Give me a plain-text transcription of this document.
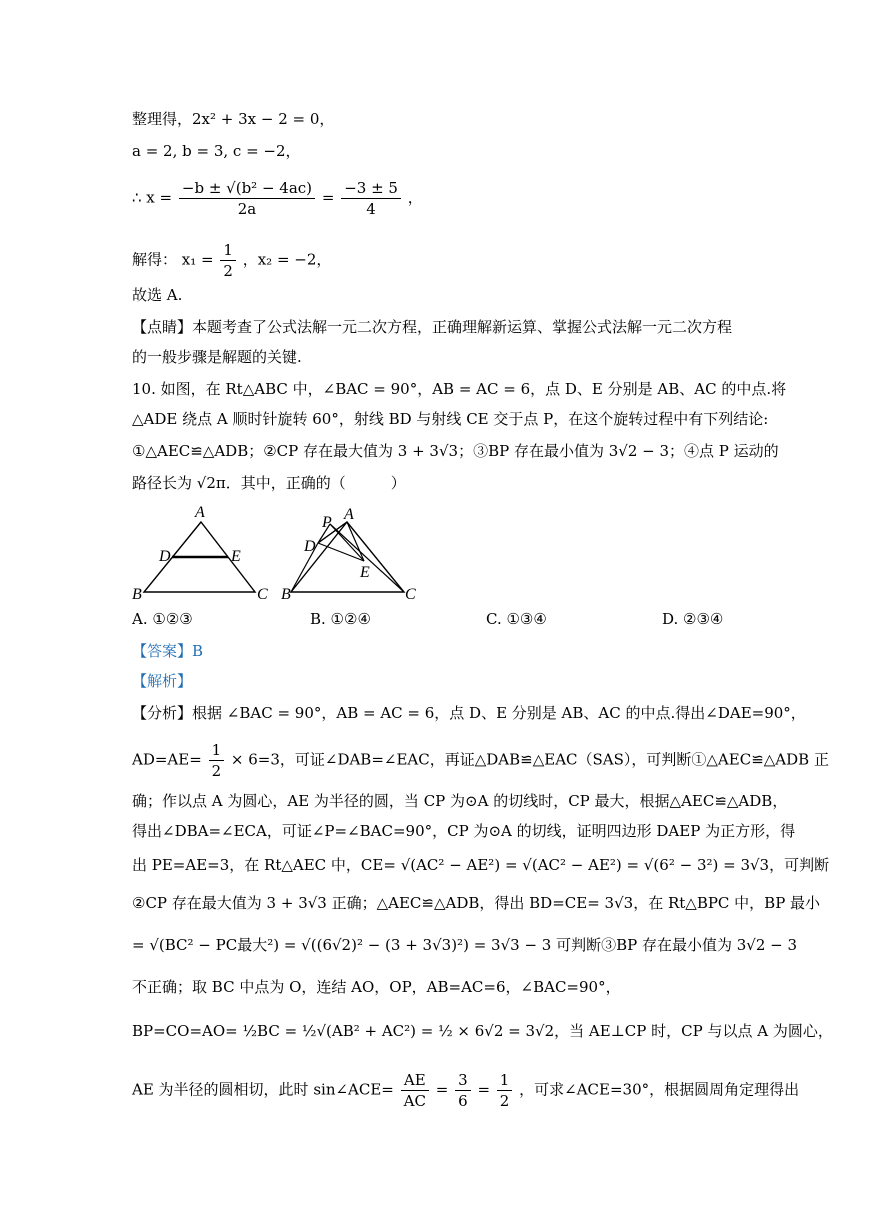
整理得，2x² + 3x − 2 = 0，
a = 2, b = 3, c = −2，
∴ $x = \frac{\text{−b ± √(b² − 4ac)}}{2a} = \frac{-3 \pm 5}{4}$ ，
解得： $x_1 = \frac{1}{2}$ ，x₂ = −2，
故选 A.
【点睛】本题考查了公式法解一元二次方程，正确理解新运算、掌握公式法解一元二次方程
的一般步骤是解题的关键.
10. 如图，在 Rt△ABC 中，∠BAC = 90°，AB = AC = 6，点 D、E 分别是 AB、AC 的中点.将
△ADE 绕点 A 顺时针旋转 60°，射线 BD 与射线 CE 交于点 P，在这个旋转过程中有下列结论:
①△AEC≌△ADB；②CP 存在最大值为 3 + 3√3；③BP 存在最小值为 3√2 − 3；④点 P 运动的
路径长为 √2π．其中，正确的（　　　）
A
D	E
B	C
P A
D
E
B	C
A. ①②③	B. ①②④	C. ①③④	D. ②③④
【答案】B
【解析】
【分析】根据 ∠BAC = 90°，AB = AC = 6，点 D、E 分别是 AB、AC 的中点.得出∠DAE=90°，
$AD=AE= \frac{1}{2} \times 6=3$，可证∠DAB=∠EAC，再证△DAB≌△EAC（SAS），可判断①△AEC≌△ADB 正
确；作以点 A 为圆心，AE 为半径的圆，当 CP 为⊙A 的切线时，CP 最大，根据△AEC≌△ADB，
得出∠DBA=∠ECA，可证∠P=∠BAC=90°，CP 为⊙A 的切线，证明四边形 DAEP 为正方形，得
出 PE=AE=3，在 Rt△AEC 中，CE= √(AC² − AE²) = √(AC² − AE²) = √(6² − 3²) = 3√3，可判断
②CP 存在最大值为 3 + 3√3 正确；△AEC≌△ADB，得出 BD=CE= 3√3，在 Rt△BPC 中，BP 最小
= √(BC² − PC最大²) = √((6√2)² − (3 + 3√3)²) = 3√3 − 3 可判断③BP 存在最小值为 3√2 − 3
不正确；取 BC 中点为 O，连结 AO，OP，AB=AC=6，∠BAC=90°，
BP=CO=AO= ½BC = ½√(AB² + AC²) = ½ × 6√2 = 3√2，当 AE⊥CP 时，CP 与以点 A 为圆心，
AE 为半径的圆相切，此时 sin∠ACE= $\frac{AE}{AC} = \frac{3}{6} = \frac{1}{2}$ ，可求∠ACE=30°，根据圆周角定理得出
